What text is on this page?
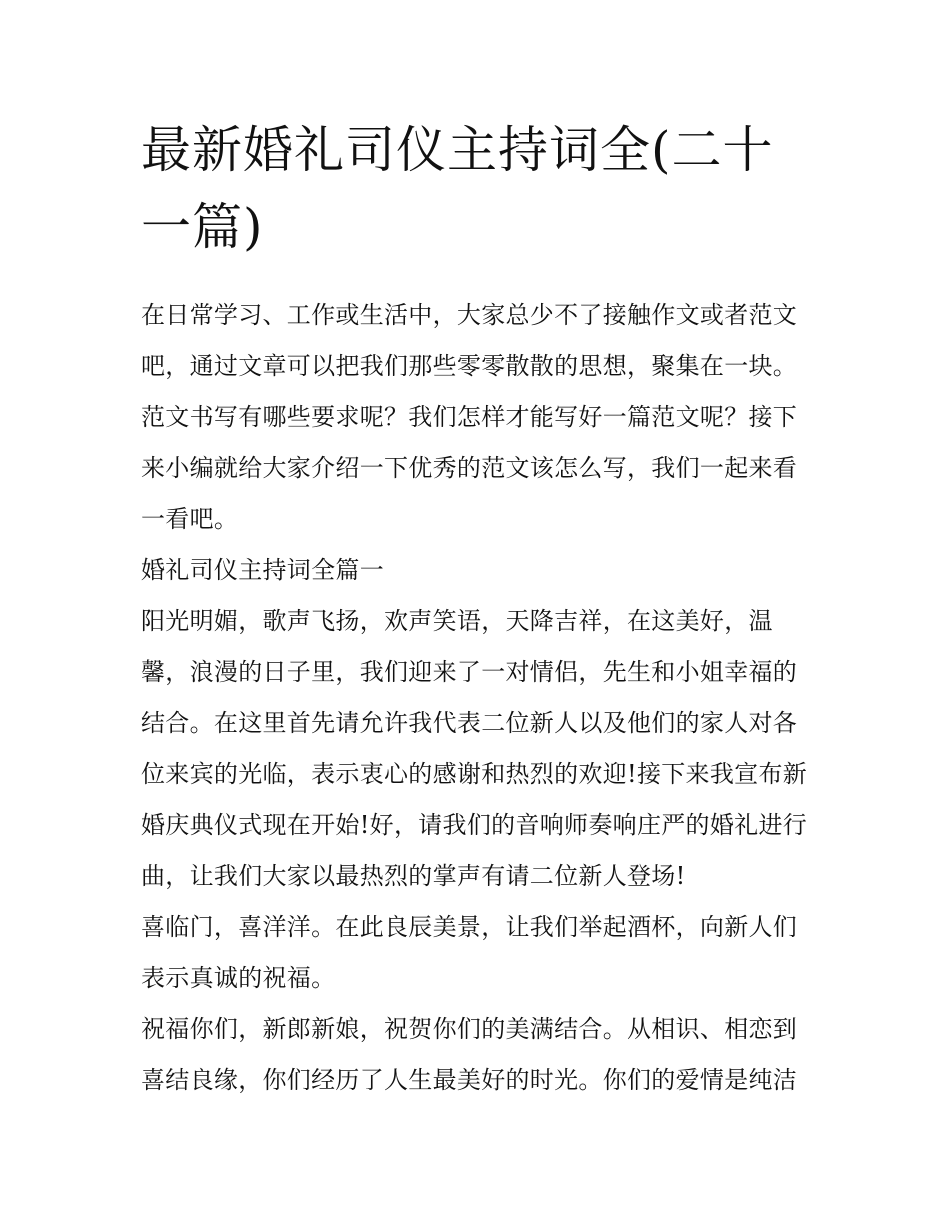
最新婚礼司仪主持词全(二十一篇)

在日常学习、工作或生活中，大家总少不了接触作文或者范文吧，通过文章可以把我们那些零零散散的思想，聚集在一块。范文书写有哪些要求呢？我们怎样才能写好一篇范文呢？接下来小编就给大家介绍一下优秀的范文该怎么写，我们一起来看一看吧。

婚礼司仪主持词全篇一

阳光明媚，歌声飞扬，欢声笑语，天降吉祥，在这美好，温馨，浪漫的日子里，我们迎来了一对情侣，先生和小姐幸福的结合。在这里首先请允许我代表二位新人以及他们的家人对各位来宾的光临，表示衷心的感谢和热烈的欢迎!接下来我宣布新婚庆典仪式现在开始!好，请我们的音响师奏响庄严的婚礼进行曲，让我们大家以最热烈的掌声有请二位新人登场!

喜临门，喜洋洋。在此良辰美景，让我们举起酒杯，向新人们表示真诚的祝福。

祝福你们，新郎新娘，祝贺你们的美满结合。从相识、相恋到喜结良缘，你们经历了人生最美好的时光。你们的爱情是纯洁
